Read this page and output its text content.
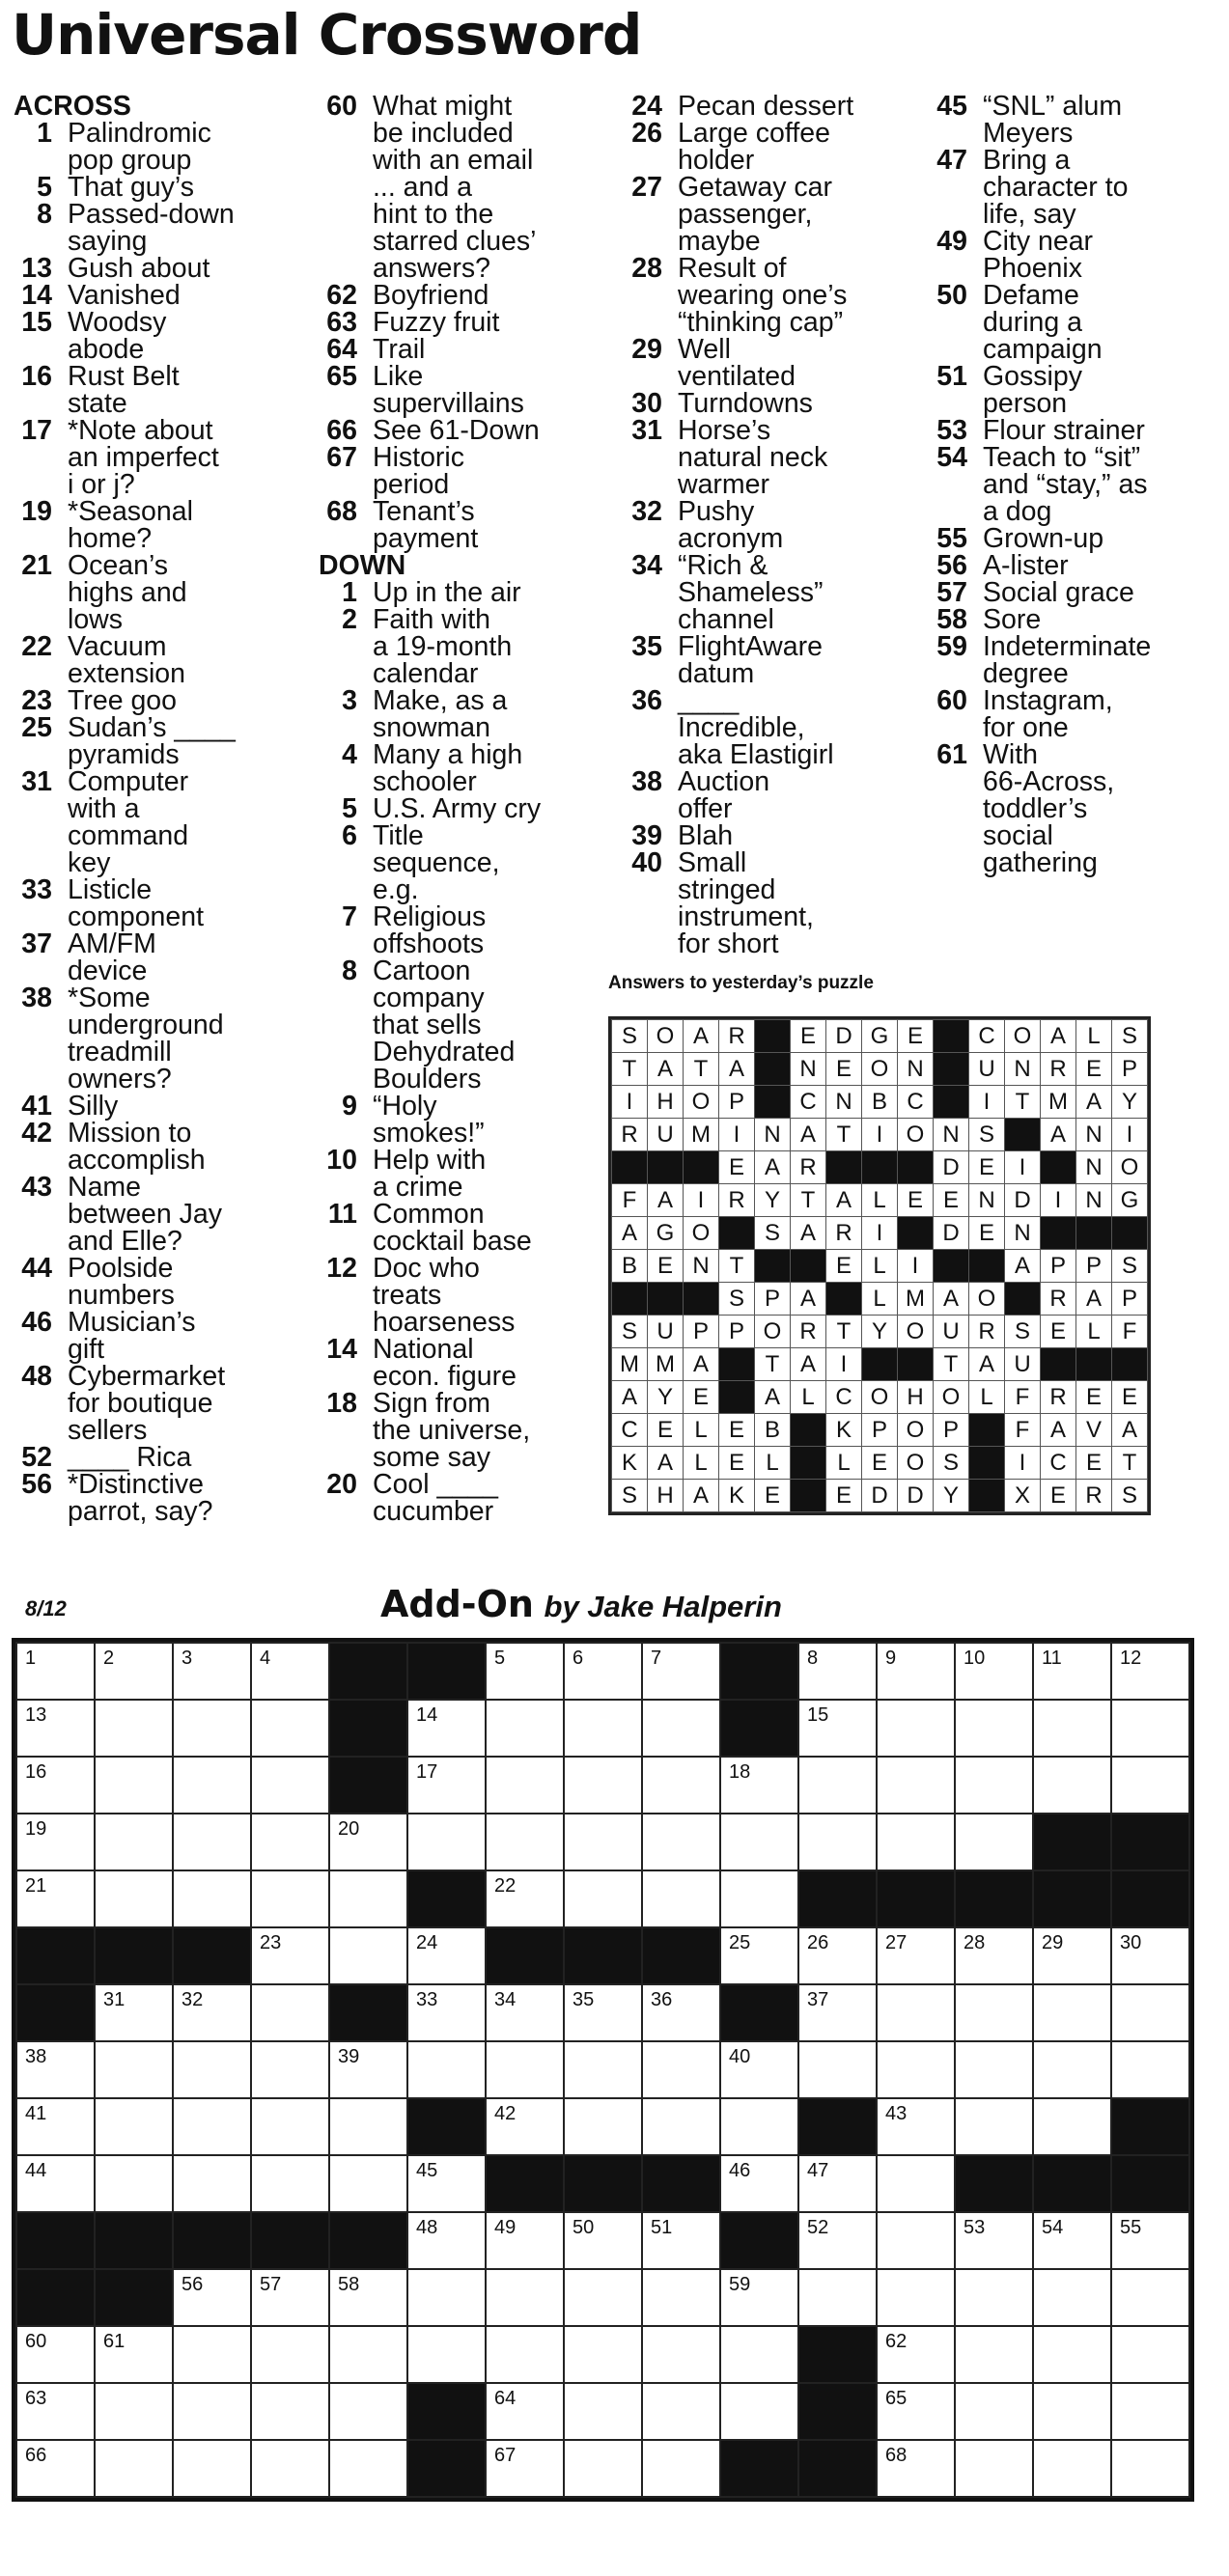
Universal Crossword
ACROSS
1 Palindromic
pop group
5 That guy’s
8 Passed-down
saying
13 Gush about
14 Vanished
15 Woodsy
abode
16 Rust Belt
state
17 *Note about
an imperfect
i or j?
19 *Seasonal
home?
21 Ocean’s
highs and
lows
22 Vacuum
extension
23 Tree goo
25 Sudan’s ____
pyramids
31 Computer
with a
command
key
33 Listicle
component
37 AM/FM
device
38 *Some
underground
treadmill
owners?
41 Silly
42 Mission to
accomplish
43 Name
between Jay
and Elle?
44 Poolside
numbers
46 Musician’s
gift
48 Cybermarket
for boutique
sellers
52 ____ Rica
56 *Distinctive
parrot, say?
60 What might
be included
with an email
... and a
hint to the
starred clues’
answers?
62 Boyfriend
63 Fuzzy fruit
64 Trail
65 Like
supervillains
66 See 61-Down
67 Historic
period
68 Tenant’s
payment
DOWN
1 Up in the air
2 Faith with
a 19-month
calendar
3 Make, as a
snowman
4 Many a high
schooler
5 U.S. Army cry
6 Title
sequence,
e.g.
7 Religious
offshoots
8 Cartoon
company
that sells
Dehydrated
Boulders
9 “Holy
smokes!”
10 Help with
a crime
11 Common
cocktail base
12 Doc who
treats
hoarseness
14 National
econ. figure
18 Sign from
the universe,
some say
20 Cool ____
cucumber
24 Pecan dessert
26 Large coffee
holder
27 Getaway car
passenger,
maybe
28 Result of
wearing one’s
“thinking cap”
29 Well
ventilated
30 Turndowns
31 Horse’s
natural neck
warmer
32 Pushy
acronym
34 “Rich &
Shameless”
channel
35 FlightAware
datum
36 ____
Incredible,
aka Elastigirl
38 Auction
offer
39 Blah
40 Small
stringed
instrument,
for short
45 “SNL” alum
Meyers
47 Bring a
character to
life, say
49 City near
Phoenix
50 Defame
during a
campaign
51 Gossipy
person
53 Flour strainer
54 Teach to “sit”
and “stay,” as
a dog
55 Grown-up
56 A-lister
57 Social grace
58 Sore
59 Indeterminate
degree
60 Instagram,
for one
61 With
66-Across,
toddler’s
social
gathering
Answers to yesterday’s puzzle
S	O	A	R		E	D	G	E		C	O	A	L	S
T	A	T	A		N	E	O	N		U	N	R	E	P
I	H	O	P		C	N	B	C		I	T	M	A	Y
R	U	M	I	N	A	T	I	O	N	S		A	N	I
			E	A	R				D	E	I		N	O
F	A	I	R	Y	T	A	L	E	E	N	D	I	N	G
A	G	O		S	A	R	I		D	E	N			
B	E	N	T			E	L	I			A	P	P	S
			S	P	A		L	M	A	O		R	A	P
S	U	P	P	O	R	T	Y	O	U	R	S	E	L	F
M	M	A		T	A	I			T	A	U			
A	Y	E		A	L	C	O	H	O	L	F	R	E	E
C	E	L	E	B		K	P	O	P		F	A	V	A
K	A	L	E	L		L	E	O	S		I	C	E	T
S	H	A	K	E		E	D	D	Y		X	E	R	S
8/12	Add-On by Jake Halperin
1	2	3	4			5	6	7		8	9	10	11	12

13					14					15				

16					17				18					

19				20										

21						22								

			23		24				25	26	27	28	29	30

	31	32			33	34	35	36		37				

38				39					40					

41						42					43			

44					45				46	47				

					48	49	50	51		52		53	54	55

		56	57	58					59					

60	61										62			

63						64					65			

66						67					68			
